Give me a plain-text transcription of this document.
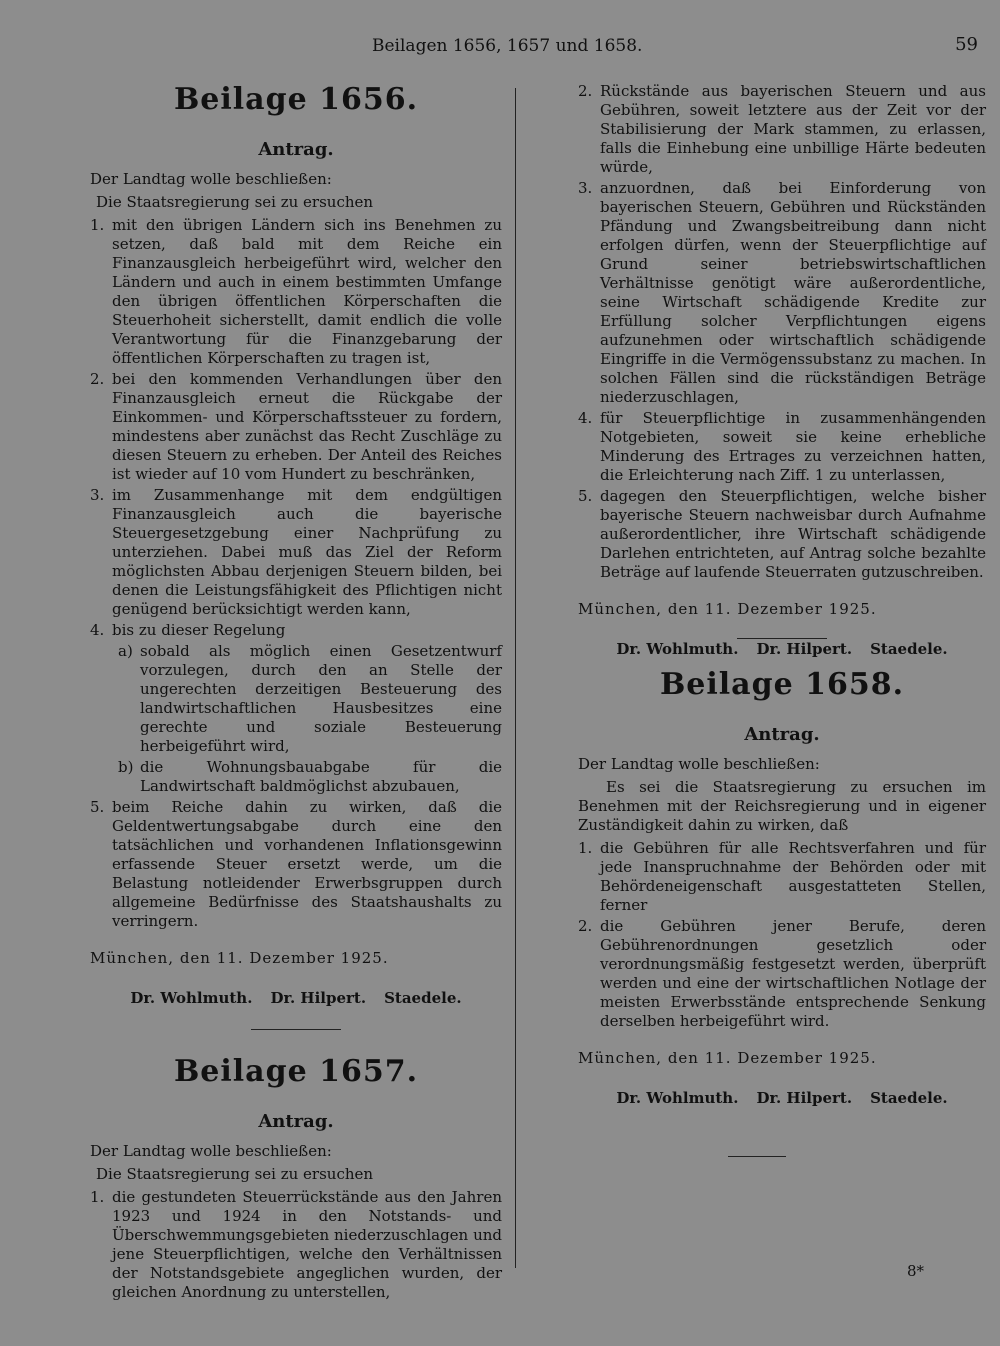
Beilagen 1656, 1657 und 1658.	59
Beilage 1656.
Antrag.
Der Landtag wolle beschließen:
Die Staatsregierung sei zu ersuchen
1. mit den übrigen Ländern sich ins Benehmen zu setzen, daß bald mit dem Reiche ein Finanzausgleich herbeigeführt wird, welcher den Ländern und auch in einem bestimmten Umfange den übrigen öffentlichen Körperschaften die Steuerhoheit sicherstellt, damit endlich die volle Verantwortung für die Finanzgebarung der öffentlichen Körperschaften zu tragen ist,
2. bei den kommenden Verhandlungen über den Finanzausgleich erneut die Rückgabe der Einkommen- und Körperschaftssteuer zu fordern, mindestens aber zunächst das Recht Zuschläge zu diesen Steuern zu erheben. Der Anteil des Reiches ist wieder auf 10 vom Hundert zu beschränken,
3. im Zusammenhange mit dem endgültigen Finanzausgleich auch die bayerische Steuergesetzgebung einer Nachprüfung zu unterziehen. Dabei muß das Ziel der Reform möglichsten Abbau derjenigen Steuern bilden, bei denen die Leistungsfähigkeit des Pflichtigen nicht genügend berücksichtigt werden kann,
4. bis zu dieser Regelung
a) sobald als möglich einen Gesetzentwurf vorzulegen, durch den an Stelle der ungerechten derzeitigen Besteuerung des landwirtschaftlichen Hausbesitzes eine gerechte und soziale Besteuerung herbeigeführt wird,
b) die Wohnungsbauabgabe für die Landwirtschaft baldmöglichst abzubauen,
5. beim Reiche dahin zu wirken, daß die Geldentwertungsabgabe durch eine den tatsächlichen und vorhandenen Inflationsgewinn erfassende Steuer ersetzt werde, um die Belastung notleidender Erwerbsgruppen durch allgemeine Bedürfnisse des Staatshaushalts zu verringern.
München, den 11. Dezember 1925.
Dr. Wohlmuth. Dr. Hilpert. Staedele.
Beilage 1657.
Antrag.
Der Landtag wolle beschließen:
Die Staatsregierung sei zu ersuchen
1. die gestundeten Steuerrückstände aus den Jahren 1923 und 1924 in den Notstands- und Überschwemmungsgebieten niederzuschlagen und jene Steuerpflichtigen, welche den Verhältnissen der Notstandsgebiete angeglichen wurden, der gleichen Anordnung zu unterstellen,
2. Rückstände aus bayerischen Steuern und aus Gebühren, soweit letztere aus der Zeit vor der Stabilisierung der Mark stammen, zu erlassen, falls die Einhebung eine unbillige Härte bedeuten würde,
3. anzuordnen, daß bei Einforderung von bayerischen Steuern, Gebühren und Rückständen Pfändung und Zwangsbeitreibung dann nicht erfolgen dürfen, wenn der Steuerpflichtige auf Grund seiner betriebswirtschaftlichen Verhältnisse genötigt wäre außerordentliche, seine Wirtschaft schädigende Kredite zur Erfüllung solcher Verpflichtungen eigens aufzunehmen oder wirtschaftlich schädigende Eingriffe in die Vermögenssubstanz zu machen. In solchen Fällen sind die rückständigen Beträge niederzuschlagen,
4. für Steuerpflichtige in zusammenhängenden Notgebieten, soweit sie keine erhebliche Minderung des Ertrages zu verzeichnen hatten, die Erleichterung nach Ziff. 1 zu unterlassen,
5. dagegen den Steuerpflichtigen, welche bisher bayerische Steuern nachweisbar durch Aufnahme außerordentlicher, ihre Wirtschaft schädigende Darlehen entrichteten, auf Antrag solche bezahlte Beträge auf laufende Steuerraten gutzuschreiben.
München, den 11. Dezember 1925.
Dr. Wohlmuth. Dr. Hilpert. Staedele.
Beilage 1658.
Antrag.
Der Landtag wolle beschließen:
Es sei die Staatsregierung zu ersuchen im Benehmen mit der Reichsregierung und in eigener Zuständigkeit dahin zu wirken, daß
1. die Gebühren für alle Rechtsverfahren und für jede Inanspruchnahme der Behörden oder mit Behördeneigenschaft ausgestatteten Stellen, ferner
2. die Gebühren jener Berufe, deren Gebührenordnungen gesetzlich oder verordnungsmäßig festgesetzt werden, überprüft werden und eine der wirtschaftlichen Notlage der meisten Erwerbsstände entsprechende Senkung derselben herbeigeführt wird.
München, den 11. Dezember 1925.
Dr. Wohlmuth. Dr. Hilpert. Staedele.
8*
